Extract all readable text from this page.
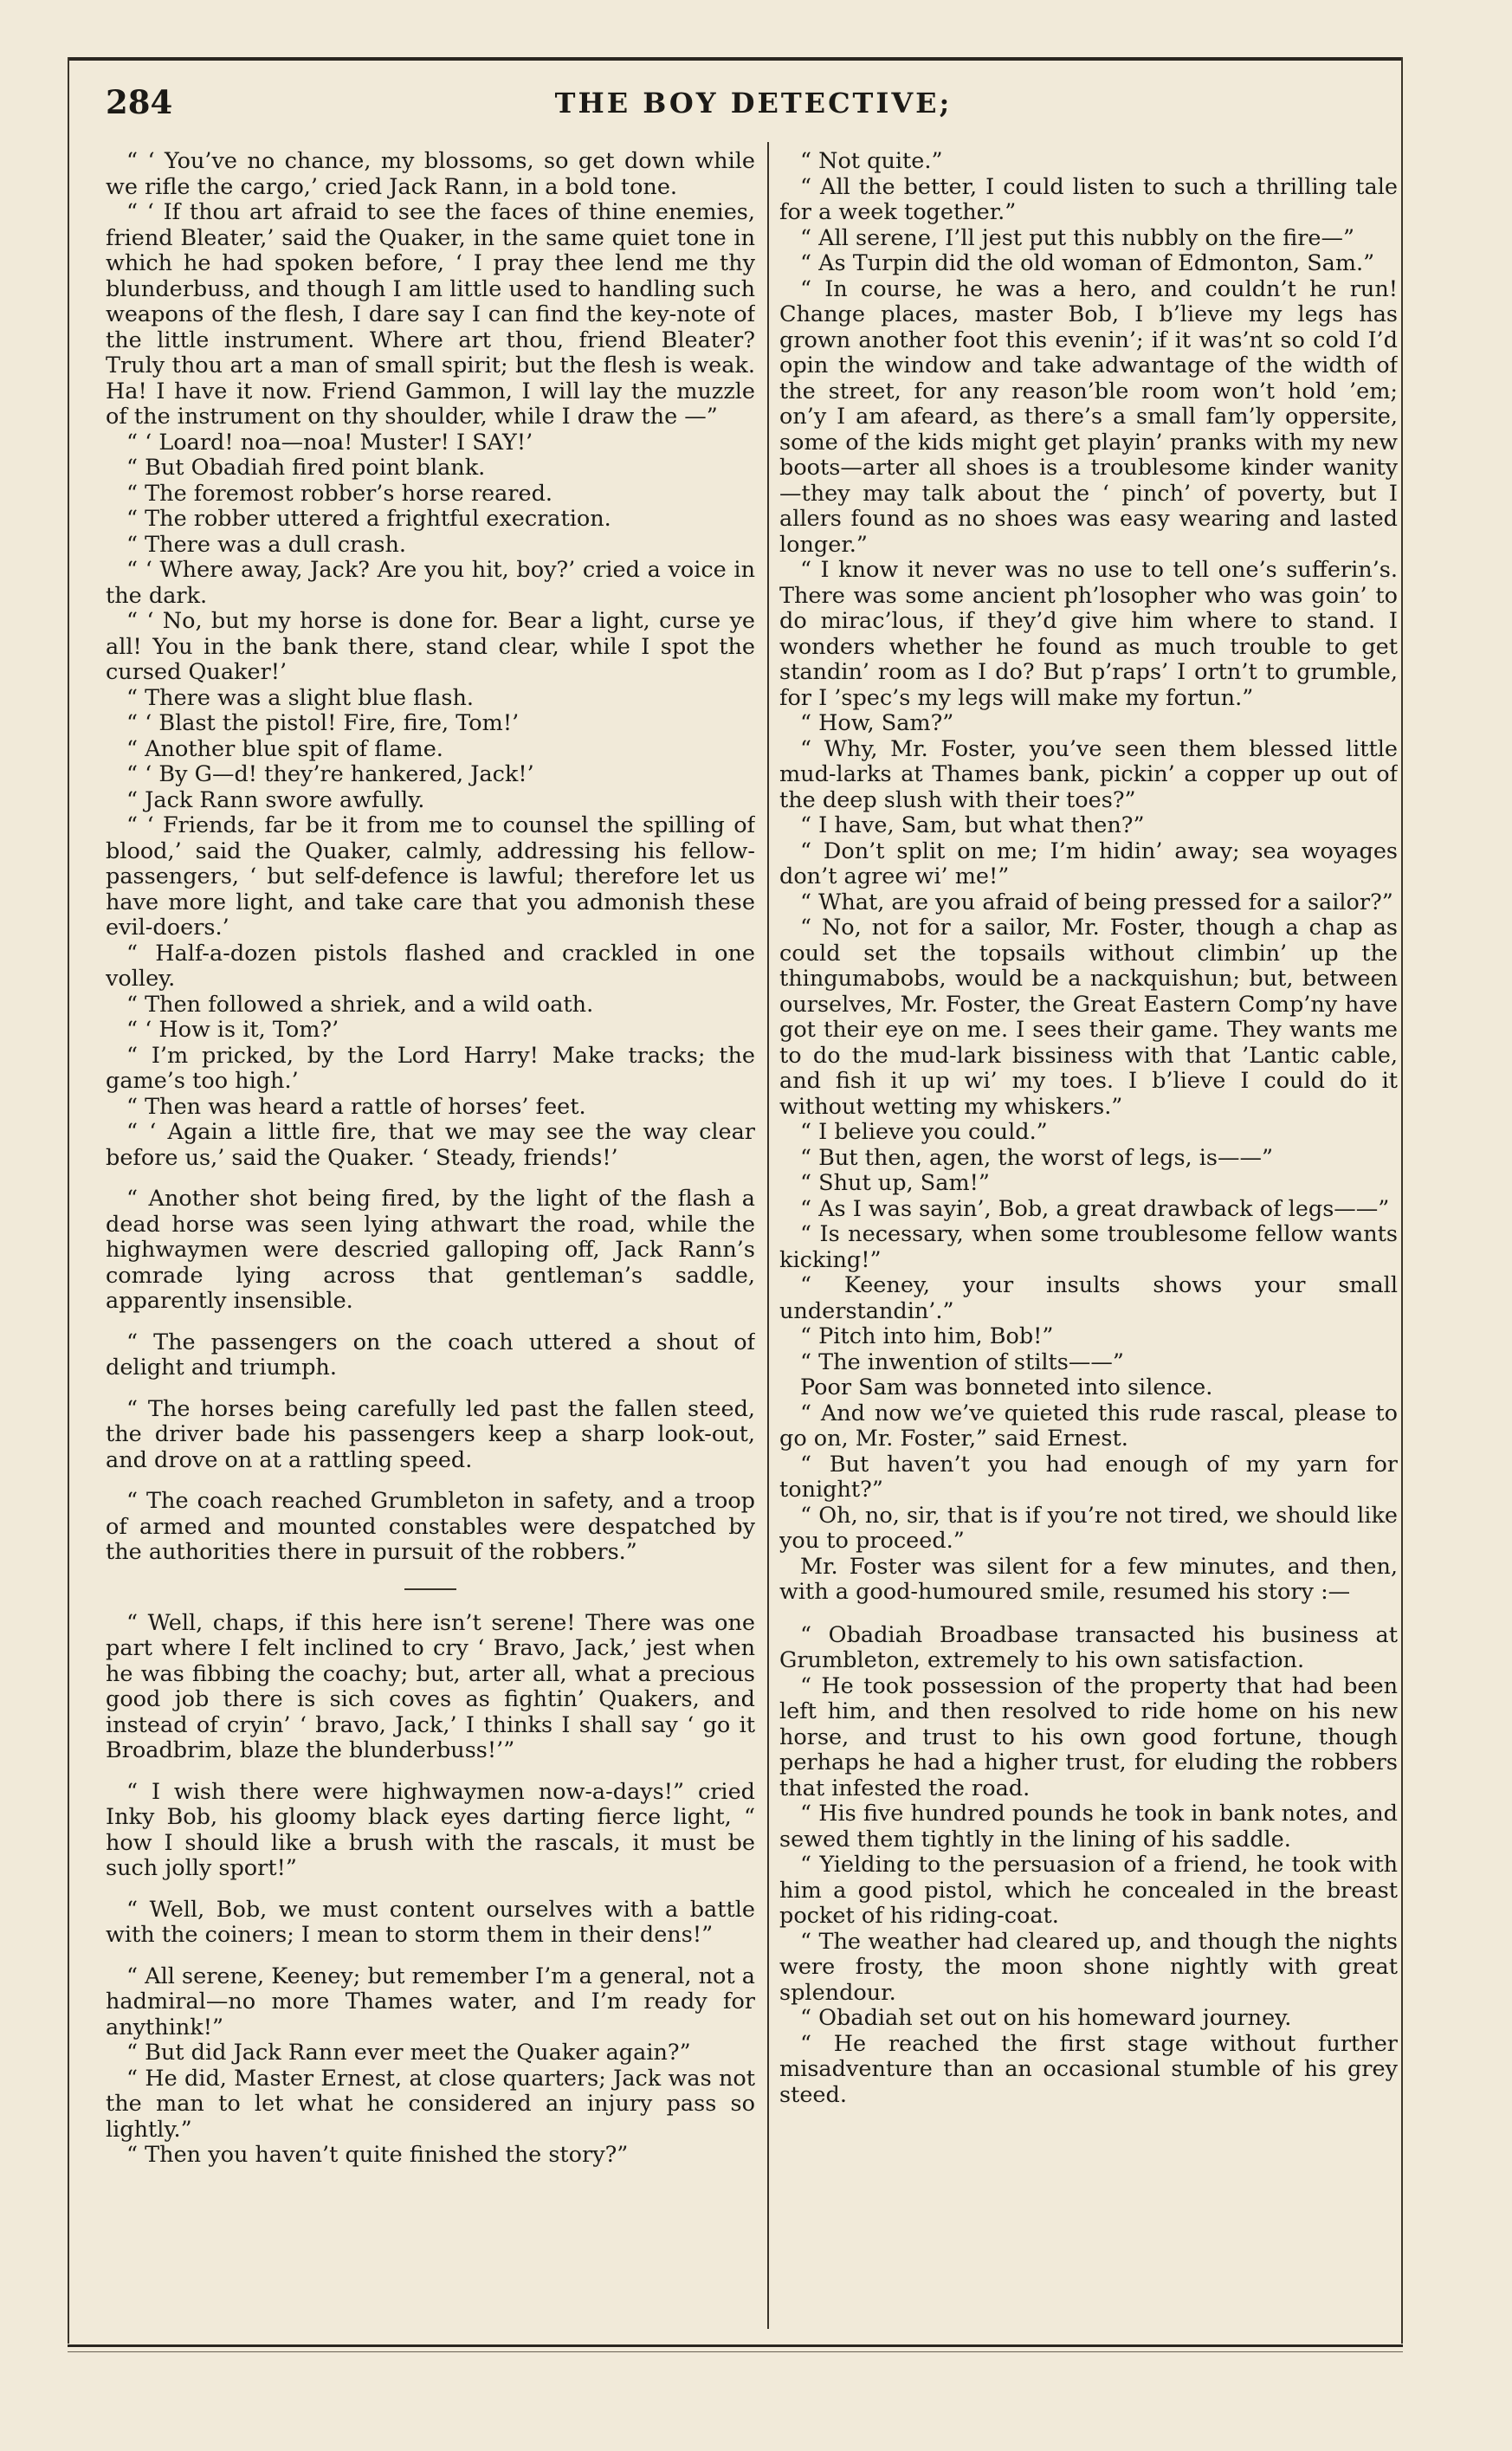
284	THE BOY DETECTIVE;

“ ‘ You’ve no chance, my blossoms, so get down while we rifle the cargo,’ cried Jack Rann, in a bold tone.

“ ‘ If thou art afraid to see the faces of thine enemies, friend Bleater,’ said the Quaker, in the same quiet tone in which he had spoken before, ‘ I pray thee lend me thy blunderbuss, and though I am little used to handling such weapons of the flesh, I dare say I can find the key-note of the little instrument. Where art thou, friend Bleater? Truly thou art a man of small spirit; but the flesh is weak. Ha! I have it now. Friend Gammon, I will lay the muzzle of the instrument on thy shoulder, while I draw the —”

“ ‘ Loard! noa—noa! Muster! I SAY!’

“ But Obadiah fired point blank.

“ The foremost robber’s horse reared.

“ The robber uttered a frightful execration.

“ There was a dull crash.

“ ‘ Where away, Jack? Are you hit, boy?’ cried a voice in the dark.

“ ‘ No, but my horse is done for. Bear a light, curse ye all! You in the bank there, stand clear, while I spot the cursed Quaker!’

“ There was a slight blue flash.

“ ‘ Blast the pistol! Fire, fire, Tom!’

“ Another blue spit of flame.

“ ‘ By G—d! they’re hankered, Jack!’

“ Jack Rann swore awfully.

“ ‘ Friends, far be it from me to counsel the spilling of blood,’ said the Quaker, calmly, addressing his fellow-passengers, ‘ but self-defence is lawful; therefore let us have more light, and take care that you admonish these evil-doers.’

“ Half-a-dozen pistols flashed and crackled in one volley.

“ Then followed a shriek, and a wild oath.

“ ‘ How is it, Tom?’

“ I’m pricked, by the Lord Harry! Make tracks; the game’s too high.’

“ Then was heard a rattle of horses’ feet.

“ ‘ Again a little fire, that we may see the way clear before us,’ said the Quaker. ‘ Steady, friends!’

“ Another shot being fired, by the light of the flash a dead horse was seen lying athwart the road, while the highwaymen were descried galloping off, Jack Rann’s comrade lying across that gentleman’s saddle, apparently insensible.

“ The passengers on the coach uttered a shout of delight and triumph.

“ The horses being carefully led past the fallen steed, the driver bade his passengers keep a sharp look-out, and drove on at a rattling speed.

“ The coach reached Grumbleton in safety, and a troop of armed and mounted constables were despatched by the authorities there in pursuit of the robbers.”

“ Well, chaps, if this here isn’t serene! There was one part where I felt inclined to cry ‘ Bravo, Jack,’ jest when he was fibbing the coachy; but, arter all, what a precious good job there is sich coves as fightin’ Quakers, and instead of cryin’ ‘ bravo, Jack,’ I thinks I shall say ‘ go it Broadbrim, blaze the blunderbuss!’”

“ I wish there were highwaymen now-a-days!” cried Inky Bob, his gloomy black eyes darting fierce light, “ how I should like a brush with the rascals, it must be such jolly sport!”

“ Well, Bob, we must content ourselves with a battle with the coiners; I mean to storm them in their dens!”

“ All serene, Keeney; but remember I’m a general, not a hadmiral—no more Thames water, and I’m ready for anythink!”

“ But did Jack Rann ever meet the Quaker again?”

“ He did, Master Ernest, at close quarters; Jack was not the man to let what he considered an injury pass so lightly.”

“ Then you haven’t quite finished the story?”

“ Not quite.”

“ All the better, I could listen to such a thrilling tale for a week together.”

“ All serene, I’ll jest put this nubbly on the fire—”

“ As Turpin did the old woman of Edmonton, Sam.”

“ In course, he was a hero, and couldn’t he run! Change places, master Bob, I b’lieve my legs has grown another foot this evenin’; if it was’nt so cold I’d opin the window and take adwantage of the width of the street, for any reason’ble room won’t hold ’em; on’y I am afeard, as there’s a small fam’ly oppersite, some of the kids might get playin’ pranks with my new boots—arter all shoes is a troublesome kinder wanity—they may talk about the ‘ pinch’ of poverty, but I allers found as no shoes was easy wearing and lasted longer.”

“ I know it never was no use to tell one’s sufferin’s. There was some ancient ph’losopher who was goin’ to do mirac’lous, if they’d give him where to stand. I wonders whether he found as much trouble to get standin’ room as I do? But p’raps’ I ortn’t to grumble, for I ’spec’s my legs will make my fortun.”

“ How, Sam?”

“ Why, Mr. Foster, you’ve seen them blessed little mud-larks at Thames bank, pickin’ a copper up out of the deep slush with their toes?”

“ I have, Sam, but what then?”

“ Don’t split on me; I’m hidin’ away; sea woyages don’t agree wi’ me!”

“ What, are you afraid of being pressed for a sailor?”

“ No, not for a sailor, Mr. Foster, though a chap as could set the topsails without climbin’ up the thingumabobs, would be a nackquishun; but, between ourselves, Mr. Foster, the Great Eastern Comp’ny have got their eye on me. I sees their game. They wants me to do the mud-lark bissiness with that ’Lantic cable, and fish it up wi’ my toes. I b’lieve I could do it without wetting my whiskers.”

“ I believe you could.”

“ But then, agen, the worst of legs, is——”

“ Shut up, Sam!”

“ As I was sayin’, Bob, a great drawback of legs——”

“ Is necessary, when some troublesome fellow wants kicking!”

“ Keeney, your insults shows your small understandin’.”

“ Pitch into him, Bob!”

“ The inwention of stilts——”

Poor Sam was bonneted into silence.

“ And now we’ve quieted this rude rascal, please to go on, Mr. Foster,” said Ernest.

“ But haven’t you had enough of my yarn for tonight?”

“ Oh, no, sir, that is if you’re not tired, we should like you to proceed.”

Mr. Foster was silent for a few minutes, and then, with a good-humoured smile, resumed his story :—

“ Obadiah Broadbase transacted his business at Grumbleton, extremely to his own satisfaction.

“ He took possession of the property that had been left him, and then resolved to ride home on his new horse, and trust to his own good fortune, though perhaps he had a higher trust, for eluding the robbers that infested the road.

“ His five hundred pounds he took in bank notes, and sewed them tightly in the lining of his saddle.

“ Yielding to the persuasion of a friend, he took with him a good pistol, which he concealed in the breast pocket of his riding-coat.

“ The weather had cleared up, and though the nights were frosty, the moon shone nightly with great splendour.

“ Obadiah set out on his homeward journey.

“ He reached the first stage without further misadventure than an occasional stumble of his grey steed.
